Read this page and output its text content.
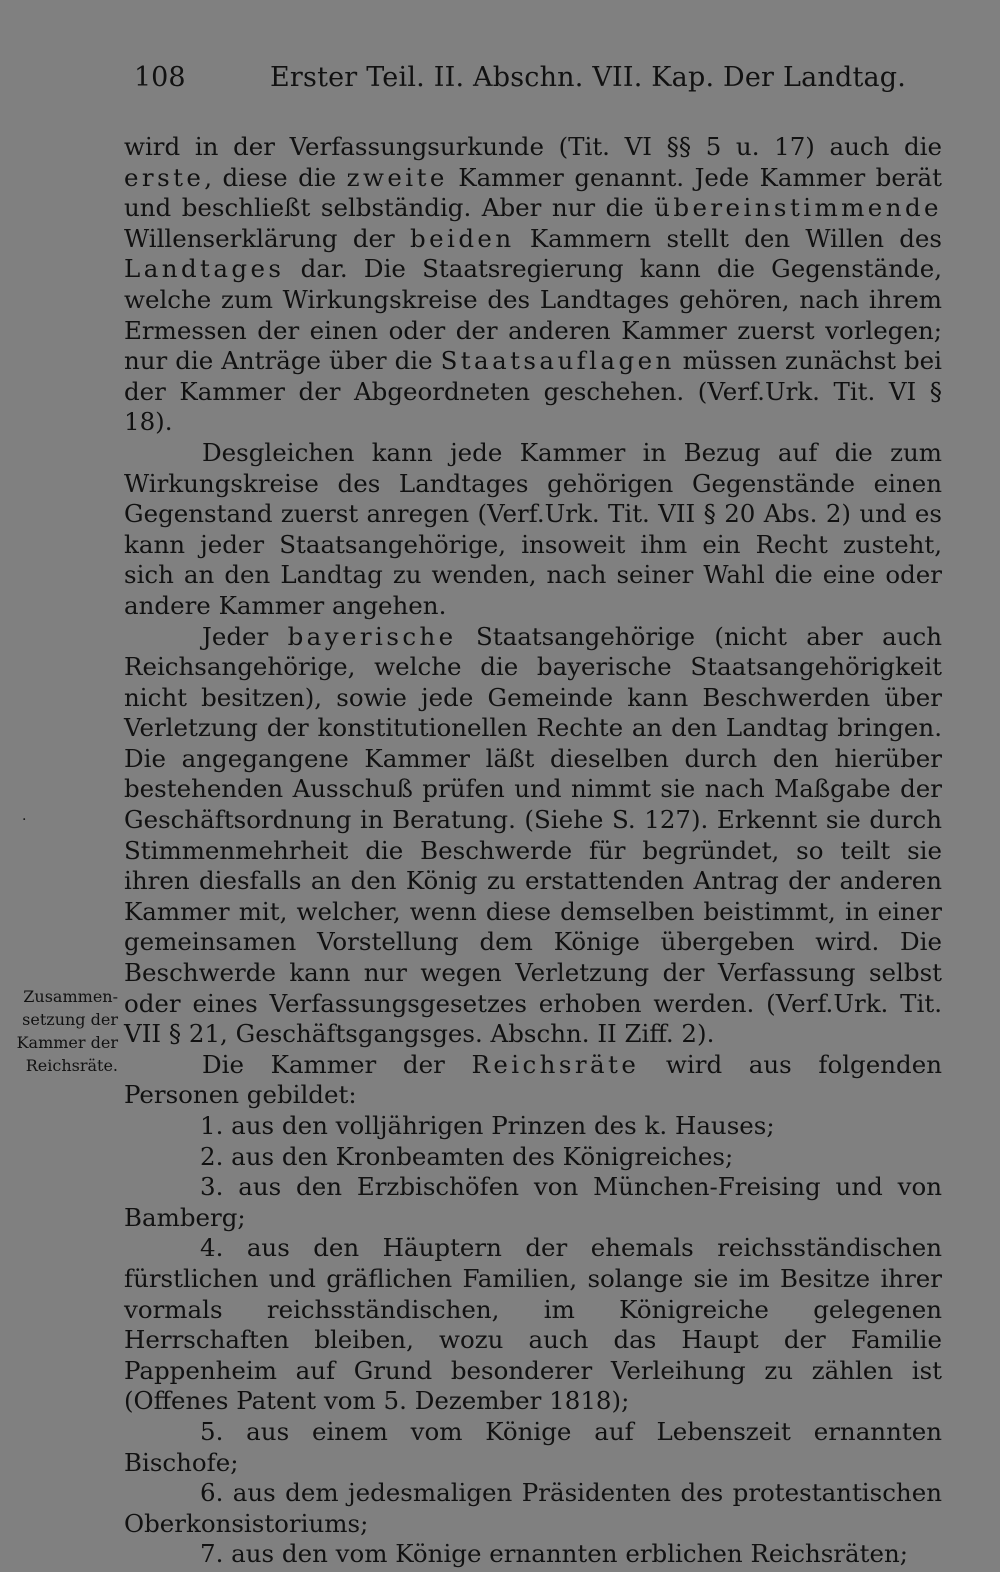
108	Erster Teil. II. Abschn. VII. Kap. Der Landtag.
·
Zusammen-
setzung der
Kammer der
Reichsräte.

wird in der Verfassungsurkunde (Tit. VI §§ 5 u. 17) auch die erste, diese die zweite Kammer genannt. Jede Kammer berät und beschließt selbständig. Aber nur die übereinstimmende Willenserklärung der beiden Kammern stellt den Willen des Landtages dar. Die Staatsregierung kann die Gegenstände, welche zum Wirkungskreise des Landtages gehören, nach ihrem Ermessen der einen oder der anderen Kammer zuerst vorlegen; nur die Anträge über die Staatsauflagen müssen zunächst bei der Kammer der Abgeordneten geschehen. (Verf.Urk. Tit. VI § 18).

Desgleichen kann jede Kammer in Bezug auf die zum Wirkungskreise des Landtages gehörigen Gegenstände einen Gegenstand zuerst anregen (Verf.Urk. Tit. VII § 20 Abs. 2) und es kann jeder Staatsangehörige, insoweit ihm ein Recht zusteht, sich an den Landtag zu wenden, nach seiner Wahl die eine oder andere Kammer angehen.

Jeder bayerische Staatsangehörige (nicht aber auch Reichsangehörige, welche die bayerische Staatsangehörigkeit nicht besitzen), sowie jede Gemeinde kann Beschwerden über Verletzung der konstitutionellen Rechte an den Landtag bringen. Die angegangene Kammer läßt dieselben durch den hierüber bestehenden Ausschuß prüfen und nimmt sie nach Maßgabe der Geschäftsordnung in Beratung. (Siehe S. 127). Erkennt sie durch Stimmenmehrheit die Beschwerde für begründet, so teilt sie ihren diesfalls an den König zu erstattenden Antrag der anderen Kammer mit, welcher, wenn diese demselben beistimmt, in einer gemeinsamen Vorstellung dem Könige übergeben wird. Die Beschwerde kann nur wegen Verletzung der Verfassung selbst oder eines Verfassungsgesetzes erhoben werden. (Verf.Urk. Tit. VII § 21, Geschäftsgangsges. Abschn. II Ziff. 2).

Die Kammer der Reichsräte wird aus folgenden Personen gebildet:

1. aus den volljährigen Prinzen des k. Hauses;

2. aus den Kronbeamten des Königreiches;

3. aus den Erzbischöfen von München-Freising und von Bamberg;

4. aus den Häuptern der ehemals reichsständischen fürstlichen und gräflichen Familien, solange sie im Besitze ihrer vormals reichsständischen, im Königreiche gelegenen Herrschaften bleiben, wozu auch das Haupt der Familie Pappenheim auf Grund besonderer Verleihung zu zählen ist (Offenes Patent vom 5. Dezember 1818);

5. aus einem vom Könige auf Lebenszeit ernannten Bischofe;

6. aus dem jedesmaligen Präsidenten des protestantischen Oberkonsistoriums;

7. aus den vom Könige ernannten erblichen Reichsräten;
